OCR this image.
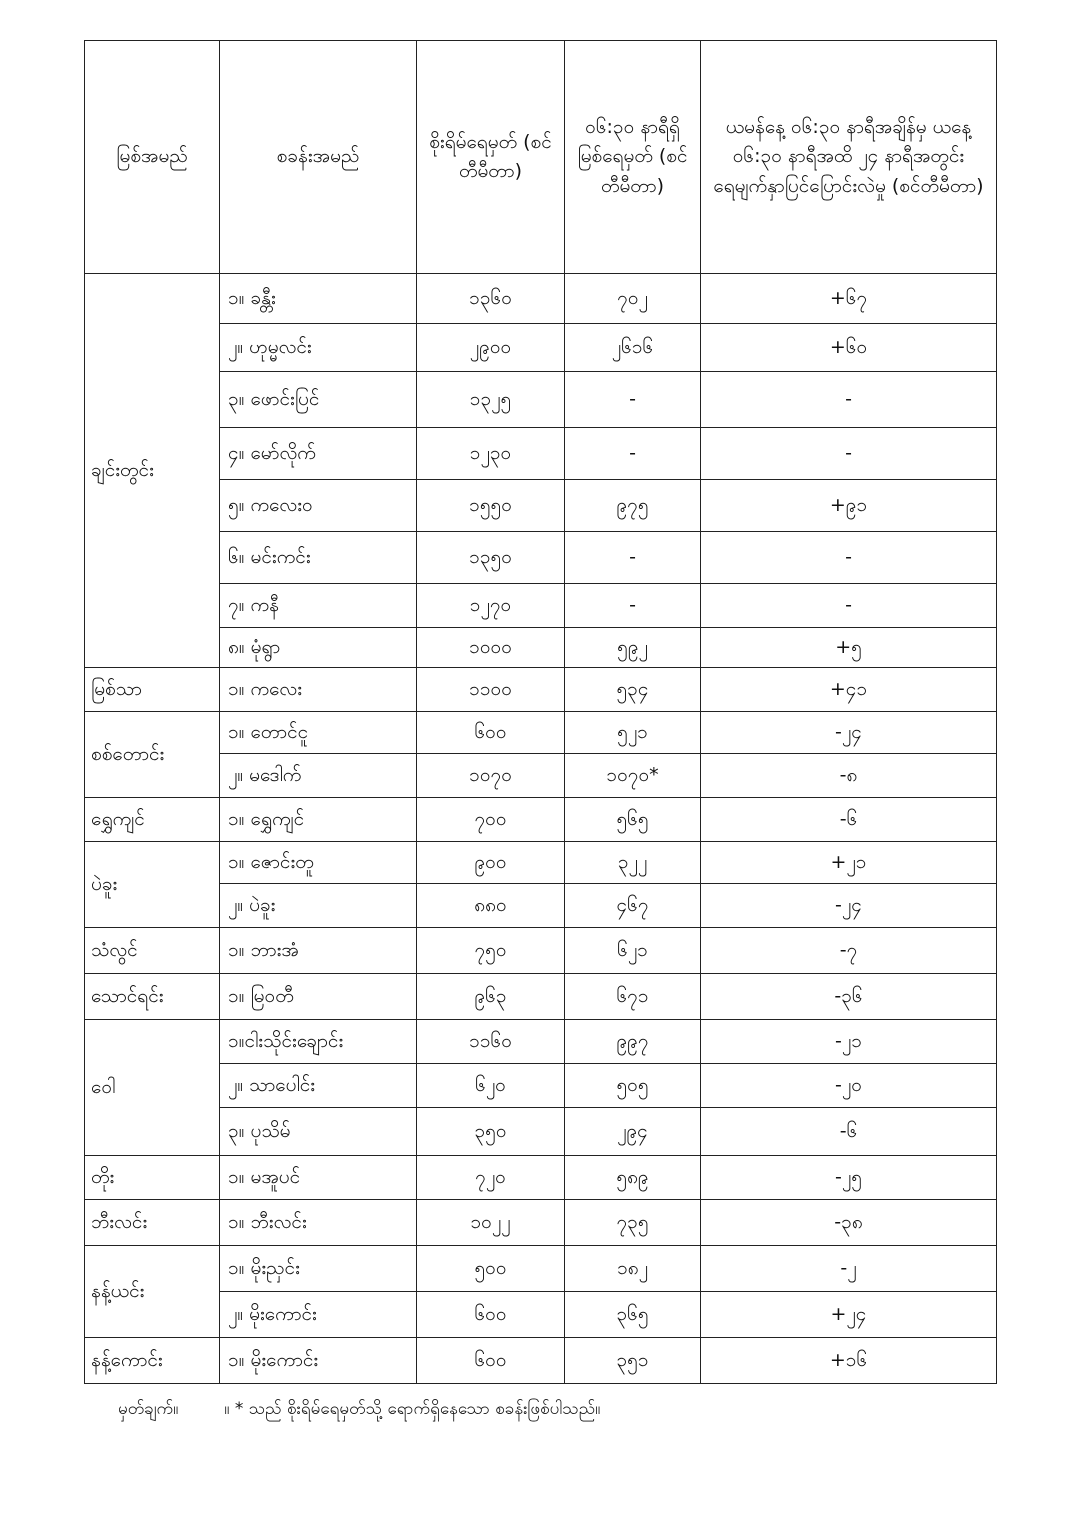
မြစ်အမည်	စခန်းအမည်	စိုးရိမ်ရေမှတ် (စင်တီမီတာ)	၀၆:၃၀ နာရီရှိ မြစ်ရေမှတ် (စင်တီမီတာ)	ယမန်နေ့ ၀၆:၃၀ နာရီအချိန်မှ ယနေ့ ၀၆:၃၀ နာရီအထိ ၂၄ နာရီအတွင်း ရေမျက်နှာပြင်ပြောင်းလဲမှု (စင်တီမီတာ)
ချင်းတွင်း	၁။ ခန္တီး	၁၃၆၀	၇၀၂	+၆၇
	၂။ ဟုမ္မလင်း	၂၉၀၀	၂၆၁၆	+၆၀
	၃။ ဖောင်းပြင်	၁၃၂၅	-	-
	၄။ မော်လိုက်	၁၂၃၀	-	-
	၅။ ကလေးဝ	၁၅၅၀	၉၇၅	+၉၁
	၆။ မင်းကင်း	၁၃၅၀	-	-
	၇။ ကနီ	၁၂၇၀	-	-
	၈။ မုံရွာ	၁၀၀၀	၅၉၂	+၅
မြစ်သာ	၁။ ကလေး	၁၁၀၀	၅၃၄	+၄၁
စစ်တောင်း	၁။ တောင်ငူ	၆၀၀	၅၂၁	-၂၄
	၂။ မဒေါက်	၁၀၇၀	၁၀၇၀*	-၈
ရွှေကျင်	၁။ ရွှေကျင်	၇၀၀	၅၆၅	-၆
ပဲခူး	၁။ ဇောင်းတူ	၉၀၀	၃၂၂	+၂၁
	၂။ ပဲခူး	၈၈၀	၄၆၇	-၂၄
သံလွင်	၁။ ဘားအံ	၇၅၀	၆၂၁	-၇
သောင်ရင်း	၁။ မြဝတီ	၉၆၃	၆၇၁	-၃၆
ဝေါ	၁။ငါးသိုင်းချောင်း	၁၁၆၀	၉၉၇	-၂၁
	၂။ သာပေါင်း	၆၂၀	၅၀၅	-၂၀
	၃။ ပုသိမ်	၃၅၀	၂၉၄	-၆
တိုး	၁။ မအူပင်	၇၂၀	၅၈၉	-၂၅
ဘီးလင်း	၁။ ဘီးလင်း	၁၀၂၂	၇၃၅	-၃၈
နန့်ယင်း	၁။ မိုးညှင်း	၅၀၀	၁၈၂	-၂
	၂။ မိုးကောင်း	၆၀၀	၃၆၅	+၂၄
နန့်ကောင်း	၁။ မိုးကောင်း	၆၀၀	၃၅၁	+၁၆
မှတ်ချက်။	။ * သည် စိုးရိမ်ရေမှတ်သို့ ရောက်ရှိနေသော စခန်းဖြစ်ပါသည်။
